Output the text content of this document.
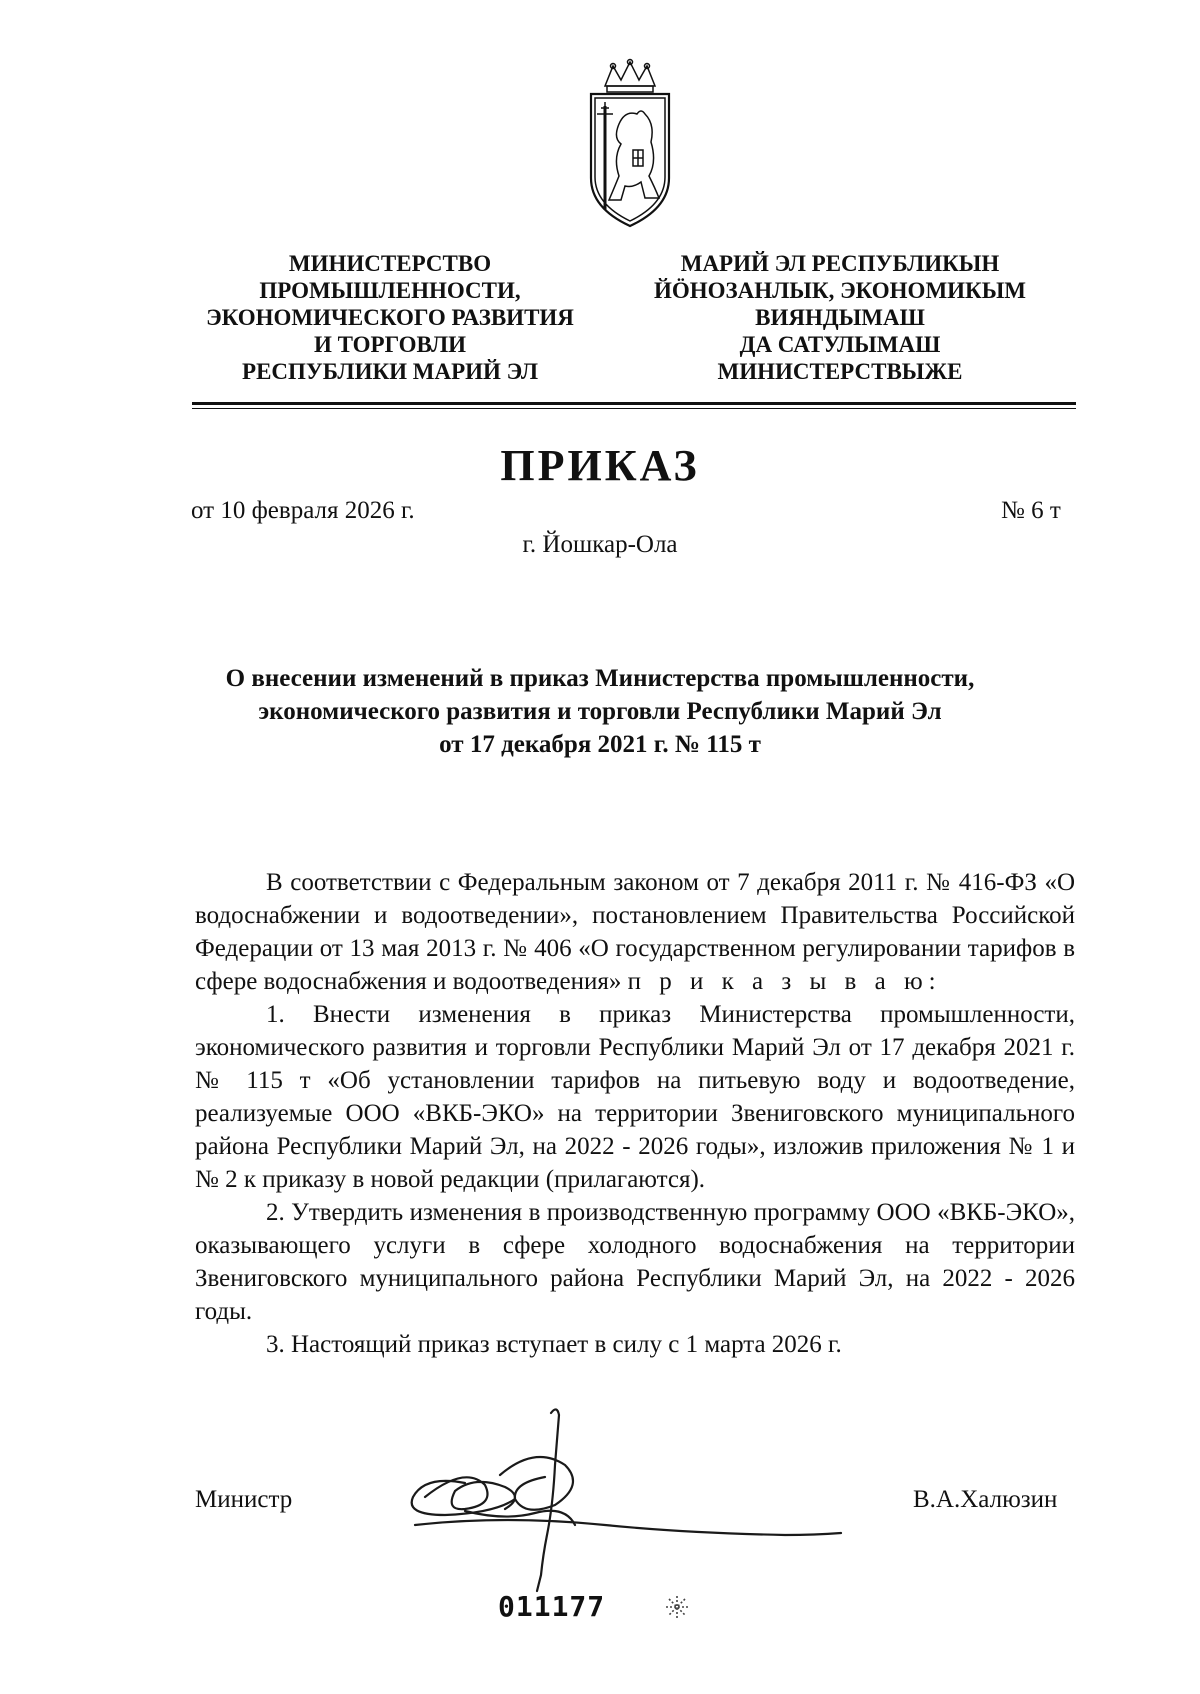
МИНИСТЕРСТВО
ПРОМЫШЛЕННОСТИ,
ЭКОНОМИЧЕСКОГО РАЗВИТИЯ
И ТОРГОВЛИ
РЕСПУБЛИКИ МАРИЙ ЭЛ
МАРИЙ ЭЛ РЕСПУБЛИКЫН
ЙӦНОЗАНЛЫК, ЭКОНОМИКЫМ
ВИЯНДЫМАШ
ДА САТУЛЫМАШ
МИНИСТЕРСТВЫЖЕ
ПРИКАЗ
от 10 февраля 2026 г.	№ 6 т
г. Йошкар-Ола
О внесении изменений в приказ Министерства промышленности,
экономического развития и торговли Республики Марий Эл
от 17 декабря 2021 г. № 115 т

В соответствии с Федеральным законом от 7 декабря 2011 г. № 416-ФЗ «О водоснабжении и водоотведении», постановлением Правительства Российской Федерации от 13 мая 2013 г. № 406 «О государственном регулировании тарифов в сфере водоснабжения и водоотведения» п р и к а з ы в а ю:

1. Внести изменения в приказ Министерства промышленности, экономического развития и торговли Республики Марий Эл от 17 декабря 2021 г. № 115 т «Об установлении тарифов на питьевую воду и водоотведение, реализуемые ООО «ВКБ-ЭКО» на территории Звениговского муниципального района Республики Марий Эл, на 2022 - 2026 годы», изложив приложения № 1 и № 2 к приказу в новой редакции (прилагаются).

2. Утвердить изменения в производственную программу ООО «ВКБ-ЭКО», оказывающего услуги в сфере холодного водоснабжения на территории Звениговского муниципального района Республики Марий Эл, на 2022 - 2026 годы.

3. Настоящий приказ вступает в силу с 1 марта 2026 г.

Министр	В.А.Халюзин
011177
